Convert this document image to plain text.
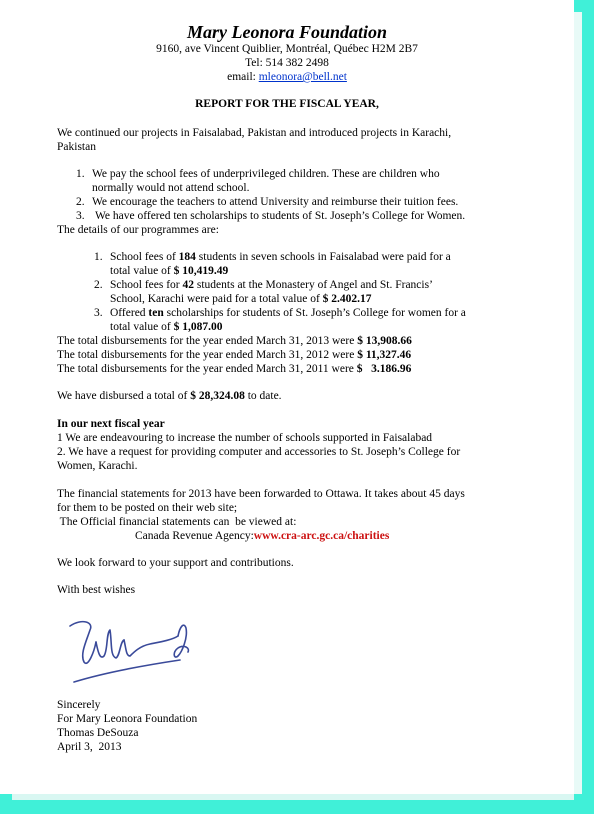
Mary Leonora Foundation
9160, ave Vincent Quiblier, Montréal, Québec H2M 2B7
Tel: 514 382 2498
email: mleonora@bell.net
REPORT FOR THE FISCAL YEAR,
We continued our projects in Faisalabad, Pakistan and introduced projects in Karachi,
Pakistan
1. We pay the school fees of underprivileged children. These are children who
normally would not attend school.
2. We encourage the teachers to attend University and reimburse their tuition fees.
3. We have offered ten scholarships to students of St. Joseph’s College for Women.
The details of our programmes are:
1. School fees of 184 students in seven schools in Faisalabad were paid for a
total value of $ 10,419.49
2. School fees for 42 students at the Monastery of Angel and St. Francis’
School, Karachi were paid for a total value of $ 2.402.17
3. Offered ten scholarships for students of St. Joseph’s College for women for a
total value of $ 1,087.00
The total disbursements for the year ended March 31, 2013 were $ 13,908.66
The total disbursements for the year ended March 31, 2012 were $ 11,327.46
The total disbursements for the year ended March 31, 2011 were $   3.186.96
We have disbursed a total of $ 28,324.08 to date.
In our next fiscal year
1 We are endeavouring to increase the number of schools supported in Faisalabad
2. We have a request for providing computer and accessories to St. Joseph’s College for
Women, Karachi.
The financial statements for 2013 have been forwarded to Ottawa. It takes about 45 days
for them to be posted on their web site;
The Official financial statements can  be viewed at:
Canada Revenue Agency:www.cra-arc.gc.ca/charities
We look forward to your support and contributions.
With best wishes
Sincerely
For Mary Leonora Foundation
Thomas DeSouza
April 3,  2013
